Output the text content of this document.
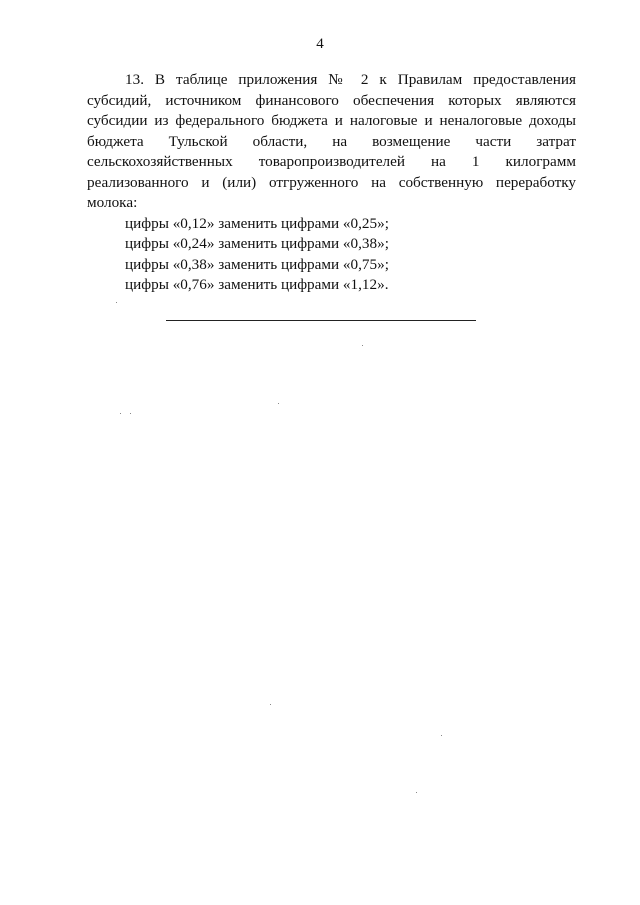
4

13. В таблице приложения № 2 к Правилам предоставления субсидий, источником финансового обеспечения которых являются субсидии из федерального бюджета и налоговые и неналоговые доходы бюджета Тульской области, на возмещение части затрат сельскохозяйственных товаропроизводителей на 1 килограмм реализованного и (или) отгруженного на собственную переработку молока:

цифры «0,12» заменить цифрами «0,25»;

цифры «0,24» заменить цифрами «0,38»;

цифры «0,38» заменить цифрами «0,75»;

цифры «0,76» заменить цифрами «1,12».
